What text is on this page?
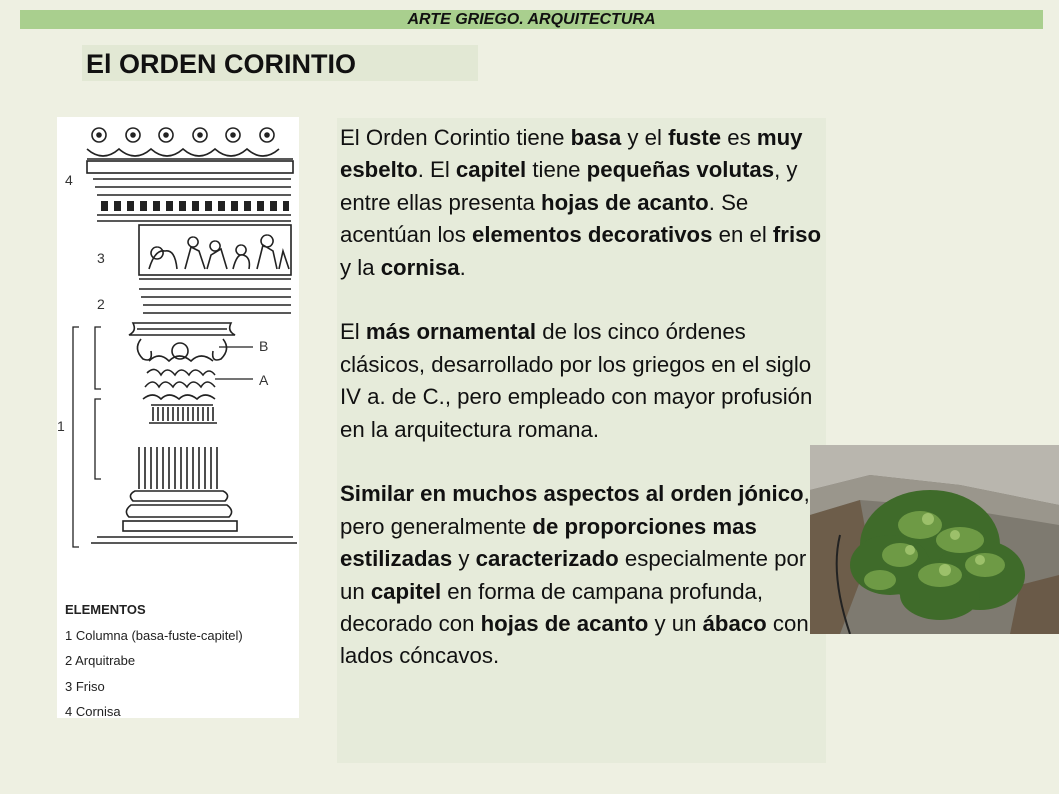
ARTE GRIEGO. ARQUITECTURA
El ORDEN CORINTIO
4
3
2
1
B
A
ELEMENTOS
1 Columna (basa-fuste-capitel)
2 Arquitrabe
3 Friso
4 Cornisa
El Orden Corintio tiene basa y el fuste es muy esbelto. El capitel tiene pequeñas volutas, y entre ellas presenta hojas de acanto. Se acentúan los elementos decorativos en el friso y la cornisa.
El más ornamental de los cinco órdenes clásicos, desarrollado por los griegos en el siglo IV a. de C., pero empleado con mayor profusión en la arquitectura romana.
Similar en muchos aspectos al orden jónico, pero generalmente de proporciones mas estilizadas y caracterizado especialmente por un capitel en forma de campana profunda, decorado con hojas de acanto y un ábaco con lados cóncavos.
